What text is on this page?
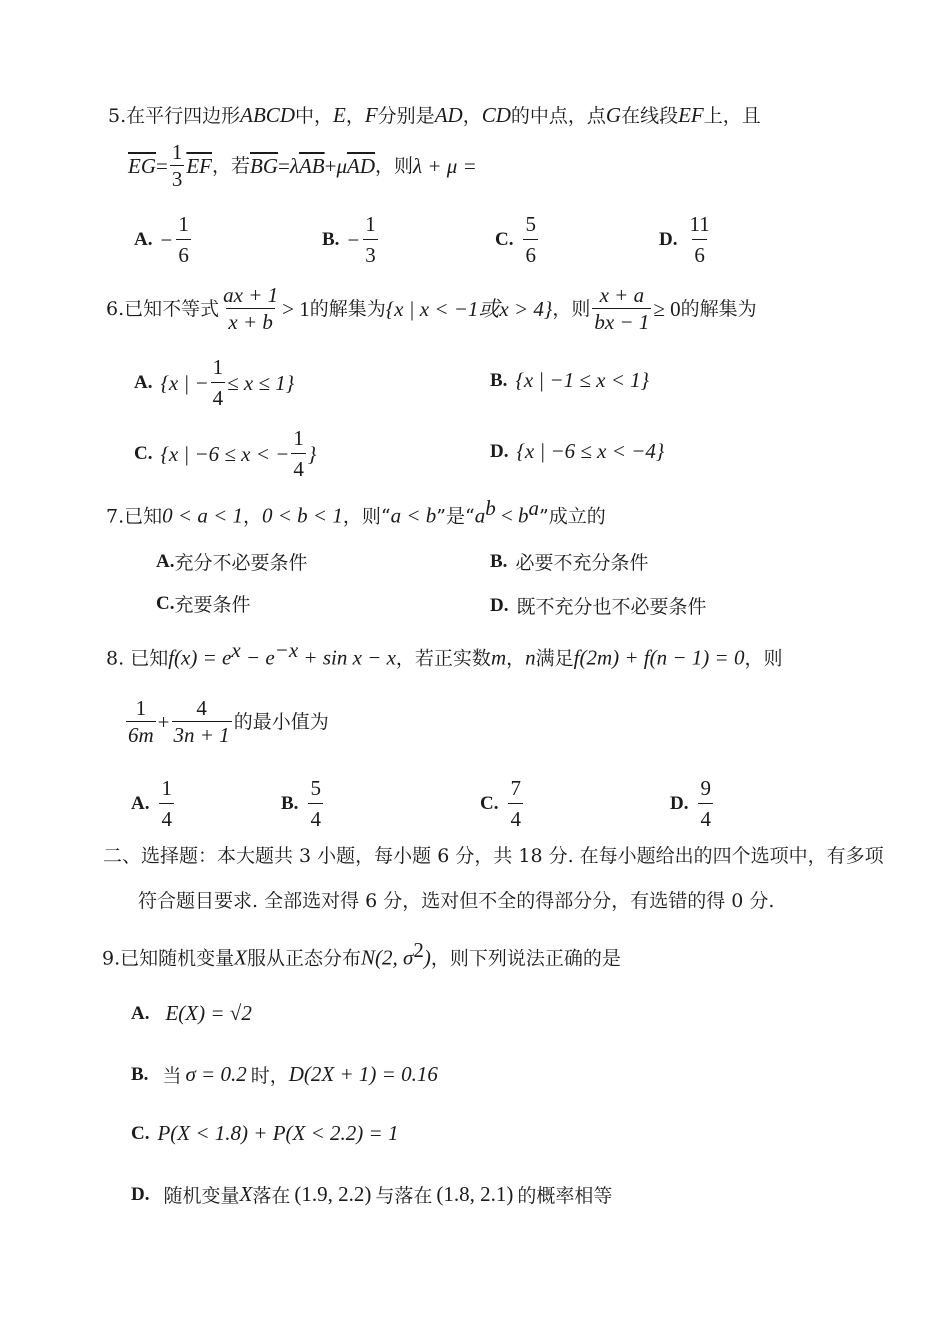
5.在平行四边形ABCD中，E，F分别是AD，CD的中点，点G在线段EF上，且
$\overline{EG} = \frac{1}{3} \overline{EF}$ ，若 $\overline{BG} = \lambda$ $\overline{AB} + \mu$ $\overline{AD}$ ，则 λ + μ =
A. − $\frac{1}{6}$	B. − $\frac{1}{3}$	C. $\frac{5}{6}$	D. $\frac{11}{6}$
6. 已知不等式 $\frac{ax + 1}{x + b} > 1$ 的解集为 {x | x < −1或x > 4} ，则 $\frac{x + a}{bx - 1} \ge 0$ 的解集为
A. {x | − $\frac{1}{4} \le x \le 1$}	B. {x | −1 ≤ x < 1}
C. {x | −6 ≤ x < − $\frac{1}{4}$ }	D. {x | −6 ≤ x < −4}
7.已知0 < a < 1，0 < b < 1，则“a < b”是“$a^b < b^a$”成立的
A. 充分不必要条件	B. 必要不充分条件
C. 充要条件	D. 既不充分也不必要条件
8. 已知$f(x) = e^x - e^{-x} + \sin x - x$，若正实数m，n满足f(2m) + f(n − 1) = 0，则
$\frac{1}{6m} + \frac{4}{3n + 1}$ 的最小值为
A. $\frac{1}{4}$	B. $\frac{5}{4}$	C. $\frac{7}{4}$	D. $\frac{9}{4}$
二、选择题：本大题共 3 小题，每小题 6 分，共 18 分. 在每小题给出的四个选项中，有多项
符合题目要求. 全部选对得 6 分，选对但不全的得部分分，有选错的得 0 分.
9.已知随机变量X服从正态分布N(2, $\sigma^2$)，则下列说法正确的是
A. E(X) = √2
B. 当 σ = 0.2 时， D(2X + 1) = 0.16
C. P(X < 1.8) + P(X < 2.2) = 1
D. 随机变量 X 落在 (1.9, 2.2) 与落在 (1.8, 2.1) 的概率相等
